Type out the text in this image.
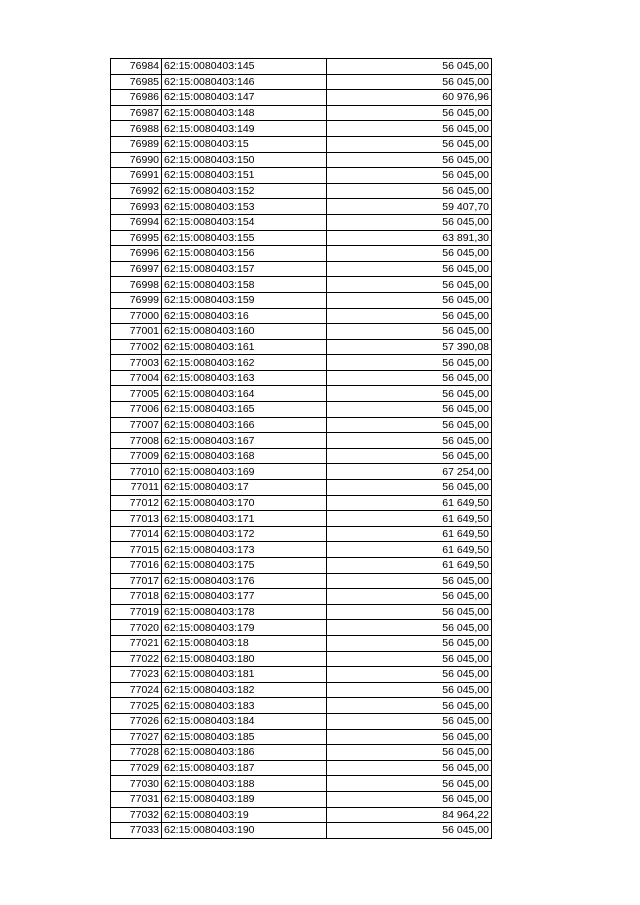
76984	62:15:0080403:145	56 045,00
76985	62:15:0080403:146	56 045,00
76986	62:15:0080403:147	60 976,96
76987	62:15:0080403:148	56 045,00
76988	62:15:0080403:149	56 045,00
76989	62:15:0080403:15	56 045,00
76990	62:15:0080403:150	56 045,00
76991	62:15:0080403:151	56 045,00
76992	62:15:0080403:152	56 045,00
76993	62:15:0080403:153	59 407,70
76994	62:15:0080403:154	56 045,00
76995	62:15:0080403:155	63 891,30
76996	62:15:0080403:156	56 045,00
76997	62:15:0080403:157	56 045,00
76998	62:15:0080403:158	56 045,00
76999	62:15:0080403:159	56 045,00
77000	62:15:0080403:16	56 045,00
77001	62:15:0080403:160	56 045,00
77002	62:15:0080403:161	57 390,08
77003	62:15:0080403:162	56 045,00
77004	62:15:0080403:163	56 045,00
77005	62:15:0080403:164	56 045,00
77006	62:15:0080403:165	56 045,00
77007	62:15:0080403:166	56 045,00
77008	62:15:0080403:167	56 045,00
77009	62:15:0080403:168	56 045,00
77010	62:15:0080403:169	67 254,00
77011	62:15:0080403:17	56 045,00
77012	62:15:0080403:170	61 649,50
77013	62:15:0080403:171	61 649,50
77014	62:15:0080403:172	61 649,50
77015	62:15:0080403:173	61 649,50
77016	62:15:0080403:175	61 649,50
77017	62:15:0080403:176	56 045,00
77018	62:15:0080403:177	56 045,00
77019	62:15:0080403:178	56 045,00
77020	62:15:0080403:179	56 045,00
77021	62:15:0080403:18	56 045,00
77022	62:15:0080403:180	56 045,00
77023	62:15:0080403:181	56 045,00
77024	62:15:0080403:182	56 045,00
77025	62:15:0080403:183	56 045,00
77026	62:15:0080403:184	56 045,00
77027	62:15:0080403:185	56 045,00
77028	62:15:0080403:186	56 045,00
77029	62:15:0080403:187	56 045,00
77030	62:15:0080403:188	56 045,00
77031	62:15:0080403:189	56 045,00
77032	62:15:0080403:19	84 964,22
77033	62:15:0080403:190	56 045,00
